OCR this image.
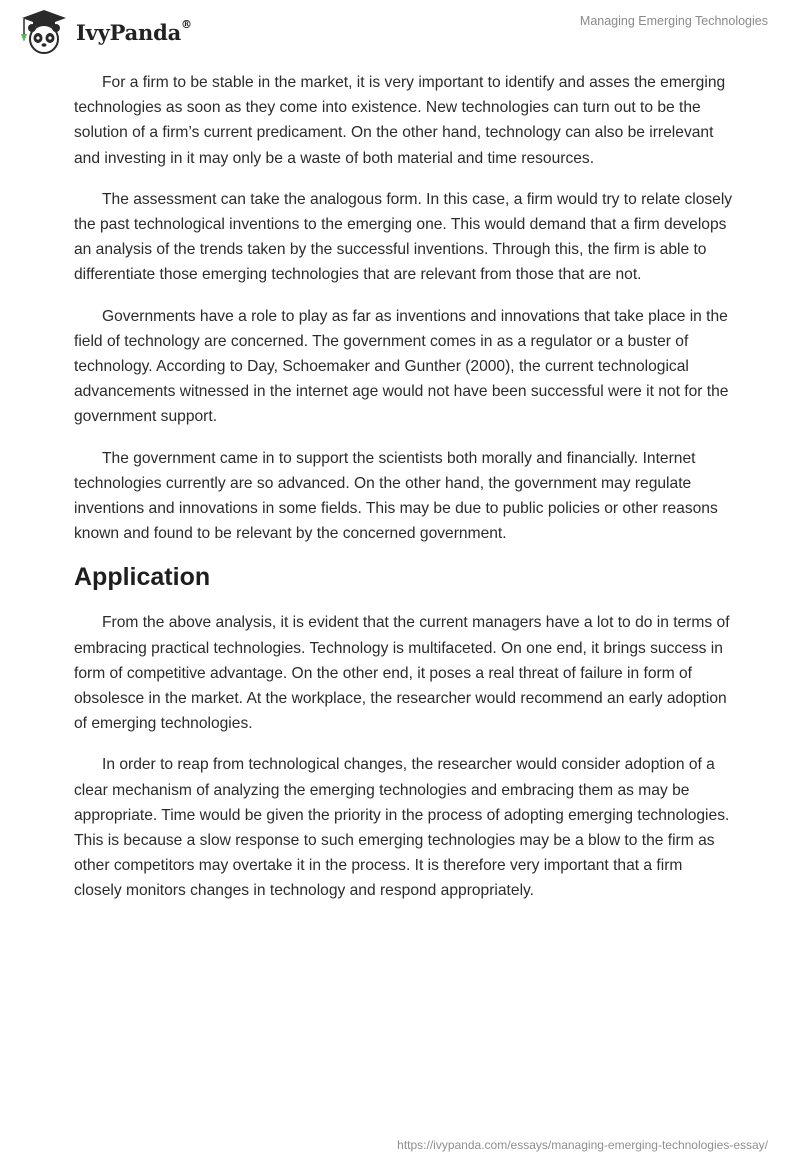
IvyPanda®	Managing Emerging Technologies

For a firm to be stable in the market, it is very important to identify and asses the emerging technologies as soon as they come into existence. New technologies can turn out to be the solution of a firm’s current predicament. On the other hand, technology can also be irrelevant and investing in it may only be a waste of both material and time resources.

The assessment can take the analogous form. In this case, a firm would try to relate closely the past technological inventions to the emerging one. This would demand that a firm develops an analysis of the trends taken by the successful inventions. Through this, the firm is able to differentiate those emerging technologies that are relevant from those that are not.

Governments have a role to play as far as inventions and innovations that take place in the field of technology are concerned. The government comes in as a regulator or a buster of technology. According to Day, Schoemaker and Gunther (2000), the current technological advancements witnessed in the internet age would not have been successful were it not for the government support.

The government came in to support the scientists both morally and financially. Internet technologies currently are so advanced. On the other hand, the government may regulate inventions and innovations in some fields. This may be due to public policies or other reasons known and found to be relevant by the concerned government.

Application

From the above analysis, it is evident that the current managers have a lot to do in terms of embracing practical technologies. Technology is multifaceted. On one end, it brings success in form of competitive advantage. On the other end, it poses a real threat of failure in form of obsolesce in the market. At the workplace, the researcher would recommend an early adoption of emerging technologies.

In order to reap from technological changes, the researcher would consider adoption of a clear mechanism of analyzing the emerging technologies and embracing them as may be appropriate. Time would be given the priority in the process of adopting emerging technologies. This is because a slow response to such emerging technologies may be a blow to the firm as other competitors may overtake it in the process. It is therefore very important that a firm closely monitors changes in technology and respond appropriately.

https://ivypanda.com/essays/managing-emerging-technologies-essay/
